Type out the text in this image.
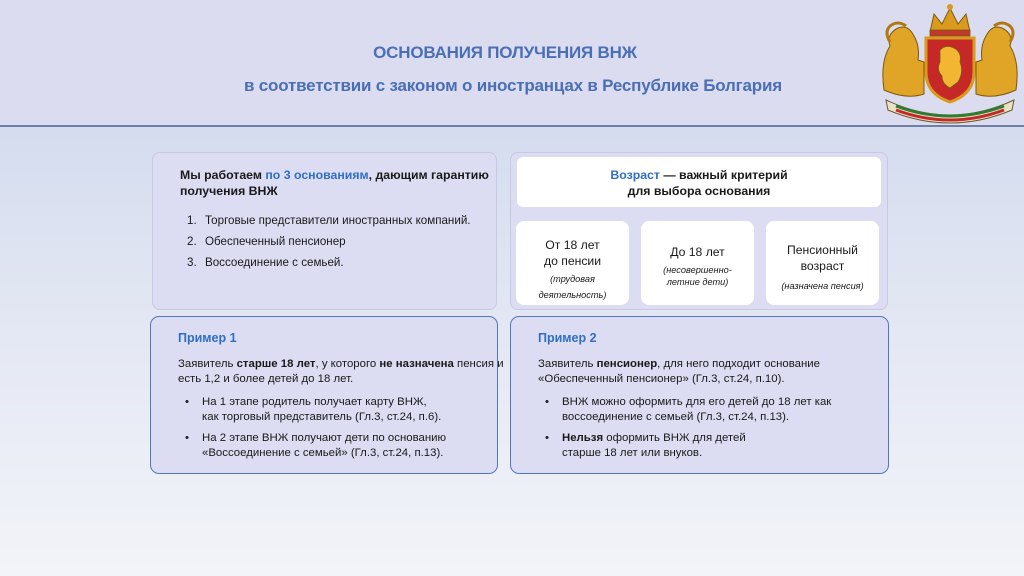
ОСНОВАНИЯ ПОЛУЧЕНИЯ ВНЖ
в соответствии с законом о иностранцах в Республике Болгария
Мы работаем по 3 основаниям, дающим гарантию получения ВНЖ
1. Торговые представители иностранных компаний.
2. Обеспеченный пенсионер
3. Воссоединение с семьей.
Возраст — важный критерий
для выбора основания
От 18 лет
до пенсии
(трудовая
деятельность)
До 18 лет
(несовершенно-
летние дети)
Пенсионный
возраст
(назначена пенсия)
Пример 1
Заявитель старше 18 лет, у которого не назначена пенсия и есть 1,2 и более детей до 18 лет.
• На 1 этапе родитель получает карту ВНЖ,
как торговый представитель (Гл.3, ст.24, п.6).
• На 2 этапе ВНЖ получают дети по основанию
«Воссоединение с семьей» (Гл.3, ст.24, п.13).
Пример 2
Заявитель пенсионер, для него подходит основание «Обеспеченный пенсионер» (Гл.3, ст.24, п.10).
• ВНЖ можно оформить для его детей до 18 лет как
воссоединение с семьей (Гл.3, ст.24, п.13).
• Нельзя оформить ВНЖ для детей
старше 18 лет или внуков.
